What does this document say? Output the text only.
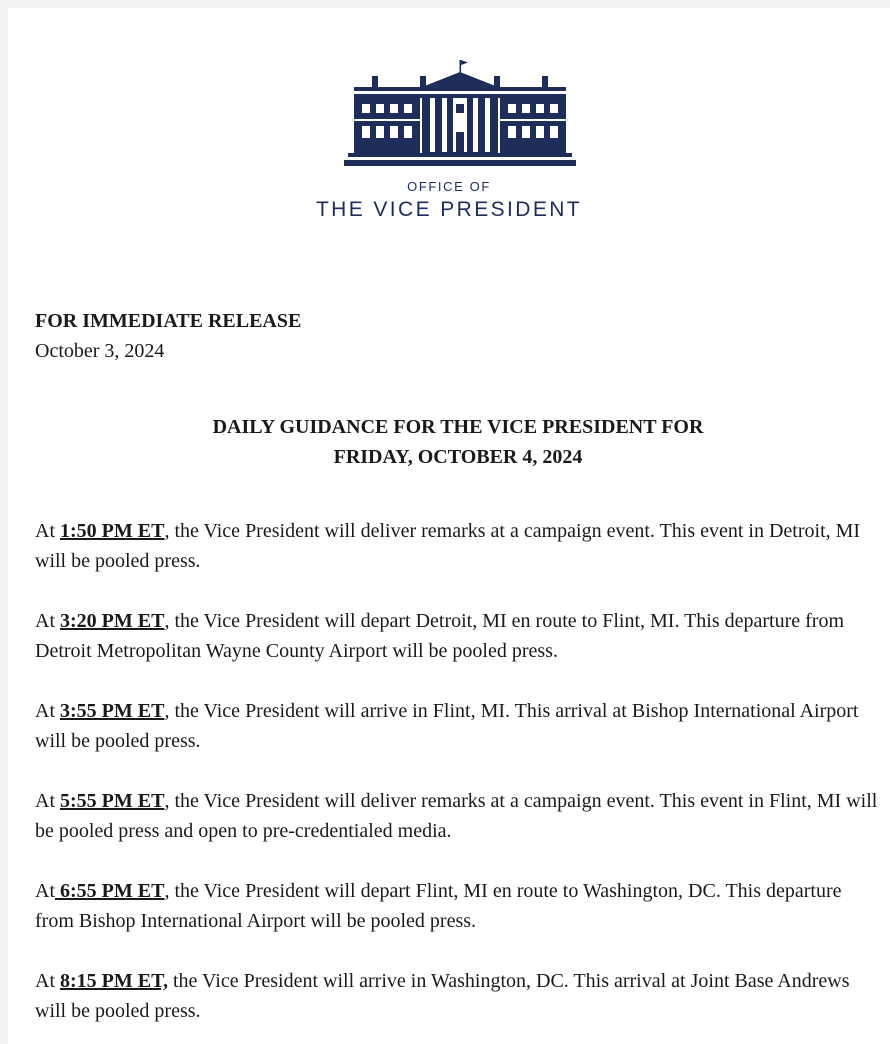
OFFICE OF
THE VICE PRESIDENT
FOR IMMEDIATE RELEASE
October 3, 2024
DAILY GUIDANCE FOR THE VICE PRESIDENT FOR
FRIDAY, OCTOBER 4, 2024

At 1:50 PM ET, the Vice President will deliver remarks at a campaign event. This event in Detroit, MI will be pooled press.

At 3:20 PM ET, the Vice President will depart Detroit, MI en route to Flint, MI. This departure from Detroit Metropolitan Wayne County Airport will be pooled press.

At 3:55 PM ET, the Vice President will arrive in Flint, MI. This arrival at Bishop International Airport will be pooled press.

At 5:55 PM ET, the Vice President will deliver remarks at a campaign event. This event in Flint, MI will be pooled press and open to pre-credentialed media.

At 6:55 PM ET, the Vice President will depart Flint, MI en route to Washington, DC. This departure from Bishop International Airport will be pooled press.

At 8:15 PM ET, the Vice President will arrive in Washington, DC. This arrival at Joint Base Andrews will be pooled press.
